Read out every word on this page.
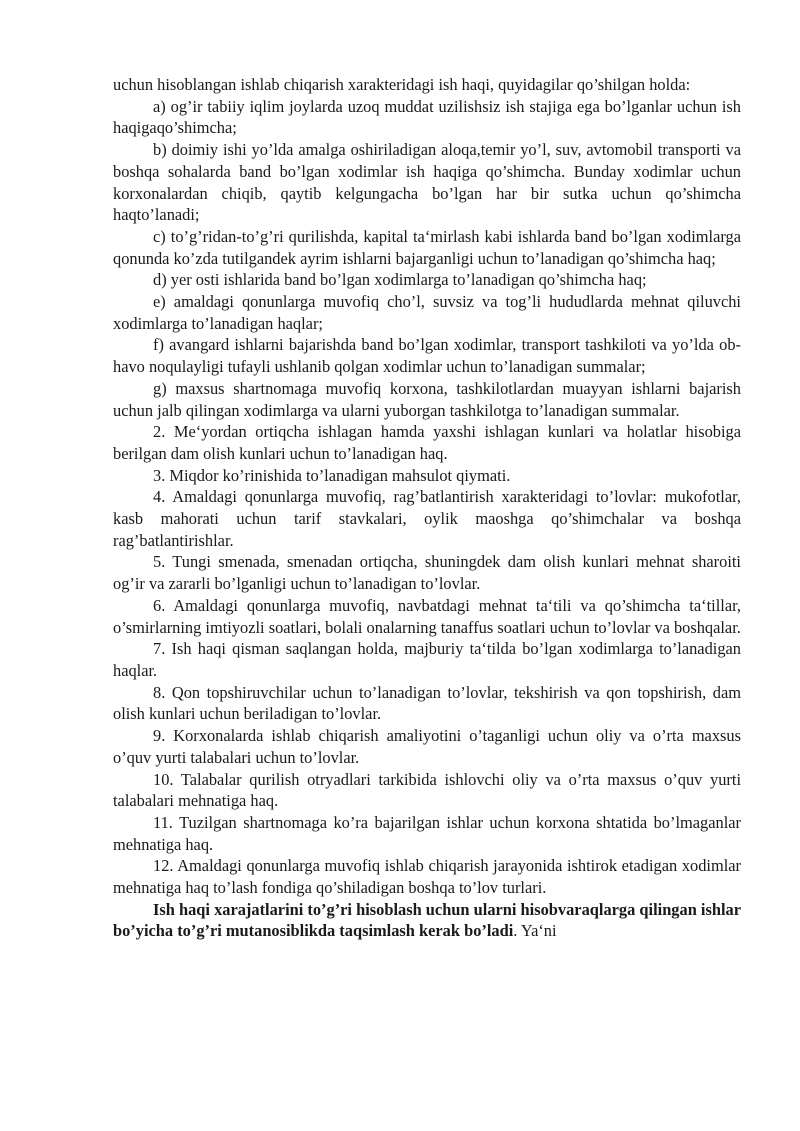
uchun hisoblangan ishlab chiqarish xarakteridagi ish haqi, quyidagilar qo’shilgan holda:

a) og’ir tabiiy iqlim joylarda uzoq muddat uzilishsiz ish stajiga ega bo’lganlar uchun ish haqigaqo’shimcha;

b) doimiy ishi yo’lda amalga oshiriladigan aloqa,temir yo’l, suv, avtomobil transporti va boshqa sohalarda band bo’lgan xodimlar ish haqiga qo’shimcha. Bunday xodimlar uchun korxonalardan chiqib, qaytib kelgungacha bo’lgan har bir sutka uchun qo’shimcha haqto’lanadi;

c) to’g’ridan-to’g’ri qurilishda, kapital ta‘mirlash kabi ishlarda band bo’lgan xodimlarga qonunda ko’zda tutilgandek ayrim ishlarni bajarganligi uchun to’lanadigan qo’shimcha haq;

d) yer osti ishlarida band bo’lgan xodimlarga to’lanadigan qo’shimcha haq;

e) amaldagi qonunlarga muvofiq cho’l, suvsiz va tog’li hududlarda mehnat qiluvchi xodimlarga to’lanadigan haqlar;

f) avangard ishlarni bajarishda band bo’lgan xodimlar, transport tashkiloti va yo’lda ob-havo noqulayligi tufayli ushlanib qolgan xodimlar uchun to’lanadigan summalar;

g) maxsus shartnomaga muvofiq korxona, tashkilotlardan muayyan ishlarni bajarish uchun jalb qilingan xodimlarga va ularni yuborgan tashkilotga to’lanadigan summalar.

2. Me‘yordan ortiqcha ishlagan hamda yaxshi ishlagan kunlari va holatlar hisobiga berilgan dam olish kunlari uchun to’lanadigan haq.

3. Miqdor ko’rinishida to’lanadigan mahsulot qiymati.

4. Amaldagi qonunlarga muvofiq, rag’batlantirish xarakteridagi to’lovlar: mukofotlar, kasb mahorati uchun tarif stavkalari, oylik maoshga qo’shimchalar va boshqa rag’batlantirishlar.

5. Tungi smenada, smenadan ortiqcha, shuningdek dam olish kunlari mehnat sharoiti og’ir va zararli bo’lganligi uchun to’lanadigan to’lovlar.

6. Amaldagi qonunlarga muvofiq, navbatdagi mehnat ta‘tili va qo’shimcha ta‘tillar, o’smirlarning imtiyozli soatlari, bolali onalarning tanaffus soatlari uchun to’lovlar va boshqalar.

7. Ish haqi qisman saqlangan holda, majburiy ta‘tilda bo’lgan xodimlarga to’lanadigan haqlar.

8. Qon topshiruvchilar uchun to’lanadigan to’lovlar, tekshirish va qon topshirish, dam olish kunlari uchun beriladigan to’lovlar.

9. Korxonalarda ishlab chiqarish amaliyotini o’taganligi uchun oliy va o’rta maxsus o’quv yurti talabalari uchun to’lovlar.

10. Talabalar qurilish otryadlari tarkibida ishlovchi oliy va o’rta maxsus o’quv yurti talabalari mehnatiga haq.

11. Tuzilgan shartnomaga ko’ra bajarilgan ishlar uchun korxona shtatida bo’lmaganlar mehnatiga haq.

12. Amaldagi qonunlarga muvofiq ishlab chiqarish jarayonida ishtirok etadigan xodimlar mehnatiga haq to’lash fondiga qo’shiladigan boshqa to’lov turlari.

Ish haqi xarajatlarini to’g’ri hisoblash uchun ularni hisobvaraqlarga qilingan ishlar bo’yicha to’g’ri mutanosiblikda taqsimlash kerak bo’ladi. Ya‘ni
